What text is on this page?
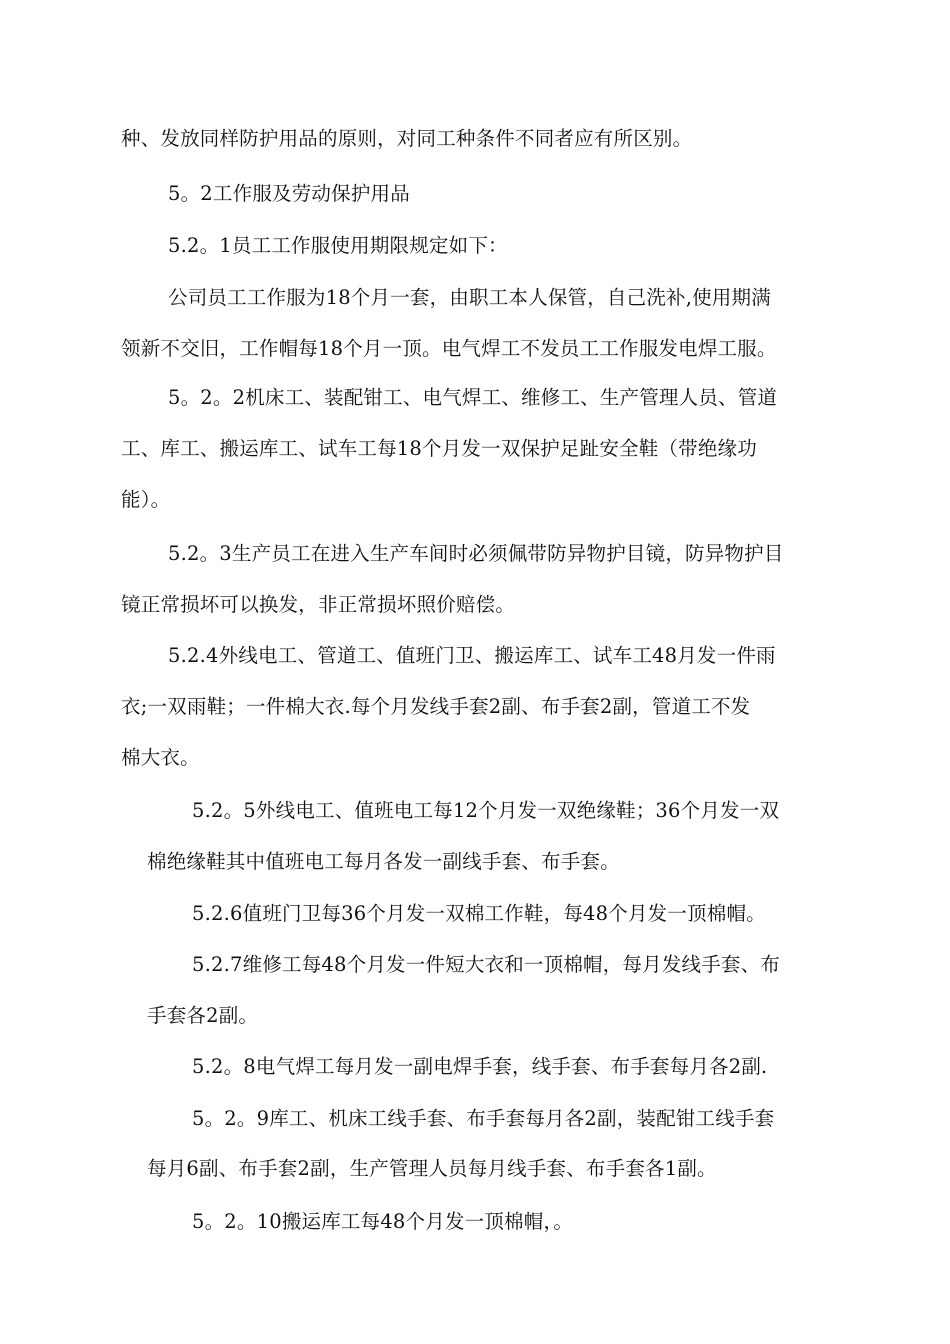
种、发放同样防护用品的原则，对同工种条件不同者应有所区别。
5。2工作服及劳动保护用品
5.2。1员工工作服使用期限规定如下：
公司员工工作服为18个月一套，由职工本人保管，自己洗补,使用期满
领新不交旧，工作帽每18个月一顶。电气焊工不发员工工作服发电焊工服。
5。2。2机床工、装配钳工、电气焊工、维修工、生产管理人员、管道
工、库工、搬运库工、试车工每18个月发一双保护足趾安全鞋（带绝缘功
能）。
5.2。3生产员工在进入生产车间时必须佩带防异物护目镜，防异物护目
镜正常损坏可以换发，非正常损坏照价赔偿。
5.2.4外线电工、管道工、值班门卫、搬运库工、试车工48月发一件雨
衣;一双雨鞋；一件棉大衣.每个月发线手套2副、布手套2副，管道工不发
棉大衣。
5.2。5外线电工、值班电工每12个月发一双绝缘鞋；36个月发一双
棉绝缘鞋其中值班电工每月各发一副线手套、布手套。
5.2.6值班门卫每36个月发一双棉工作鞋，每48个月发一顶棉帽。
5.2.7维修工每48个月发一件短大衣和一顶棉帽，每月发线手套、布
手套各2副。
5.2。8电气焊工每月发一副电焊手套，线手套、布手套每月各2副.
5。2。9库工、机床工线手套、布手套每月各2副，装配钳工线手套
每月6副、布手套2副，生产管理人员每月线手套、布手套各1副。
5。2。10搬运库工每48个月发一顶棉帽，。
